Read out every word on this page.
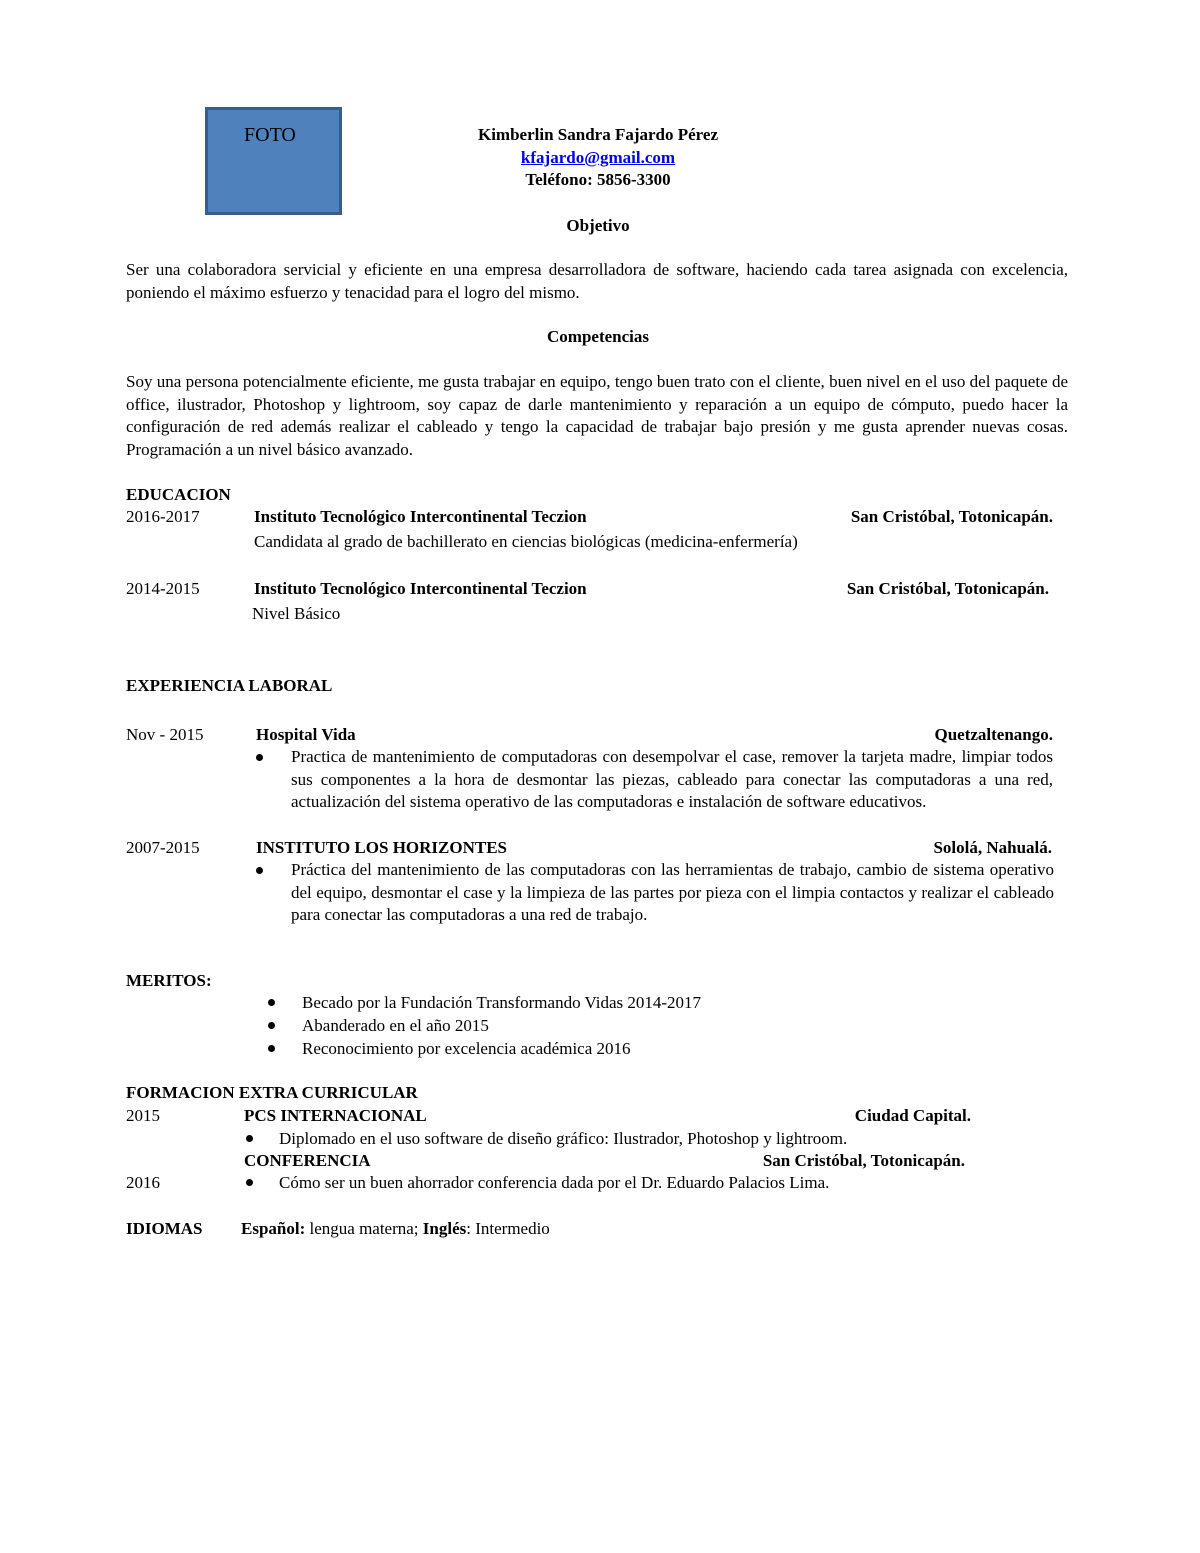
FOTO	Kimberlin Sandra Fajardo Pérez
kfajardo@gmail.com
Teléfono: 5856-3300
Objetivo
Ser una colaboradora servicial y eficiente en una empresa desarrolladora de software, haciendo cada tarea asignada con excelencia, poniendo el máximo esfuerzo y tenacidad para el logro del mismo.
Competencias
Soy una persona potencialmente eficiente, me gusta trabajar en equipo, tengo buen trato con el cliente, buen nivel en el uso del paquete de office, ilustrador, Photoshop y lightroom, soy capaz de darle mantenimiento y reparación a un equipo de cómputo, puedo hacer la configuración de red además realizar el cableado y tengo la capacidad de trabajar bajo presión y me gusta aprender nuevas cosas. Programación a un nivel básico avanzado.
EDUCACION
2016-2017	Instituto Tecnológico Intercontinental Teczion	San Cristóbal, Totonicapán.
Candidata al grado de bachillerato en ciencias biológicas (medicina-enfermería)
2014-2015	Instituto Tecnológico Intercontinental Teczion	San Cristóbal, Totonicapán.
Nivel Básico
EXPERIENCIA LABORAL
Nov - 2015	Hospital Vida	Quetzaltenango.
Practica de mantenimiento de computadoras con desempolvar el case, remover la tarjeta madre, limpiar todos sus componentes a la hora de desmontar las piezas, cableado para conectar las computadoras a una red, actualización del sistema operativo de las computadoras e instalación de software educativos.
2007-2015	INSTITUTO LOS HORIZONTES	Sololá, Nahualá.
Práctica del mantenimiento de las computadoras con las herramientas de trabajo, cambio de sistema operativo del equipo, desmontar el case y la limpieza de las partes por pieza con el limpia contactos y realizar el cableado para conectar las computadoras a una red de trabajo.
MERITOS:
Becado por la Fundación Transformando Vidas 2014-2017
Abanderado en el año 2015
Reconocimiento por excelencia académica 2016
FORMACION EXTRA CURRICULAR
2015	PCS INTERNACIONAL	Ciudad Capital.
Diplomado en el uso software de diseño gráfico: Ilustrador, Photoshop y lightroom.
CONFERENCIA	San Cristóbal, Totonicapán.
2016	Cómo ser un buen ahorrador conferencia dada por el Dr. Eduardo Palacios Lima.
IDIOMAS Español: lengua materna; Inglés: Intermedio
